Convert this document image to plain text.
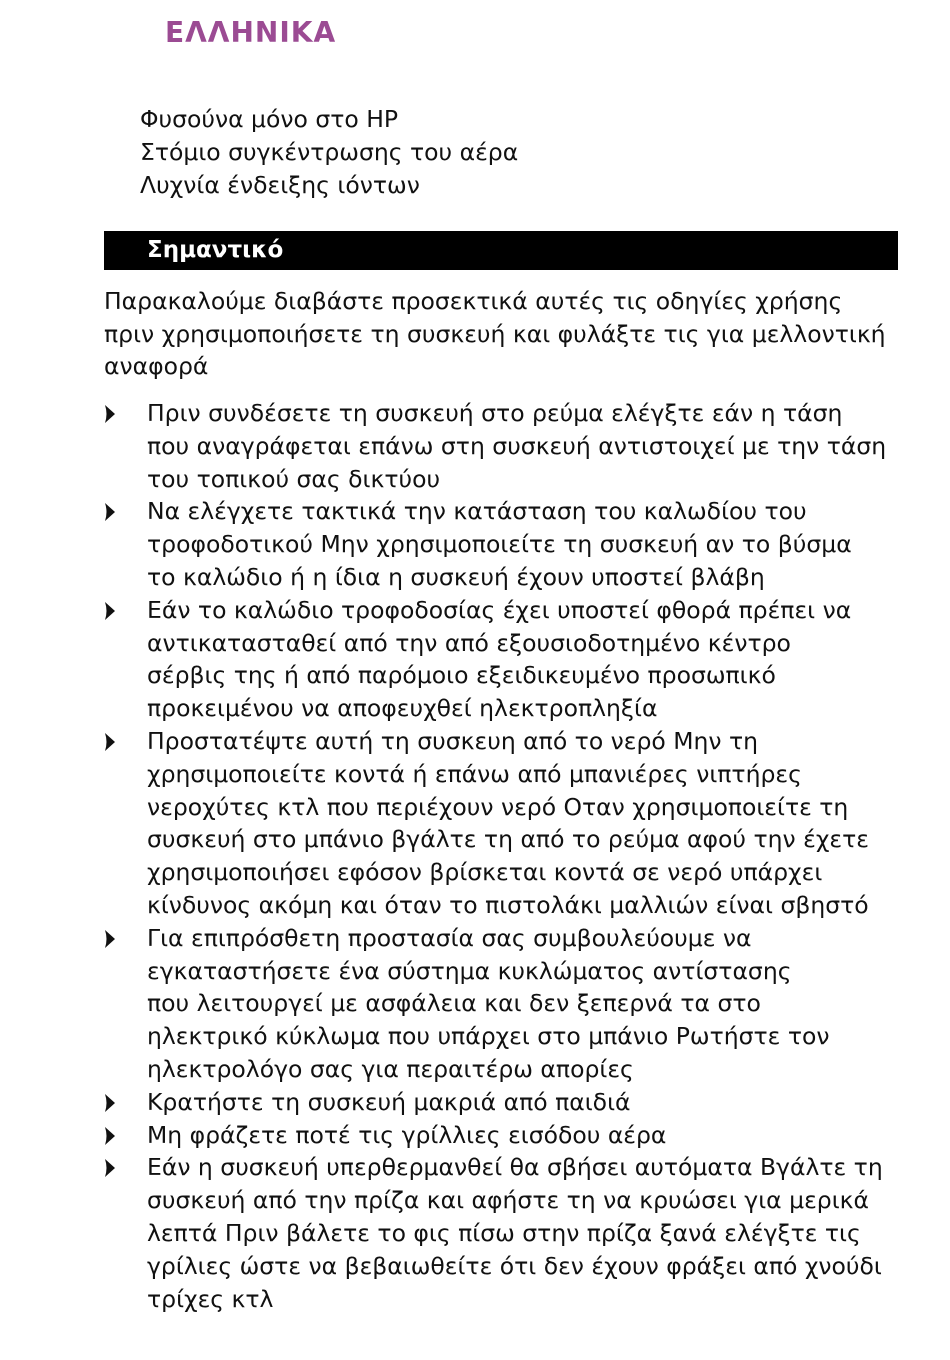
ΕΛΛΗΝΙΚΑ
Φυσούνα μόνο στο HP
Στόμιο συγκέντρωσης του αέρα
Λυχνία ένδειξης ιόντων
Σημαντικό
Παρακαλούμε διαβάστε προσεκτικά αυτές τις οδηγίες χρήσης
πριν χρησιμοποιήσετε τη συσκευή και φυλάξτε τις για μελλοντική
αναφορά
Πριν συνδέσετε τη συσκευή στο ρεύμα ελέγξτε εάν η τάση
που αναγράφεται επάνω στη συσκευή αντιστοιχεί με την τάση
του τοπικού σας δικτύου
Να ελέγχετε τακτικά την κατάσταση του καλωδίου του
τροφοδοτικού Μην χρησιμοποιείτε τη συσκευή αν το βύσμα
το καλώδιο ή η ίδια η συσκευή έχουν υποστεί βλάβη
Εάν το καλώδιο τροφοδοσίας έχει υποστεί φθορά πρέπει να
αντικατασταθεί από την από εξουσιοδοτημένο κέντρο
σέρβις της ή από παρόμοιο εξειδικευμένο προσωπικό
προκειμένου να αποφευχθεί ηλεκτροπληξία
Προστατέψτε αυτή τη συσκευη από το νερό Μην τη
χρησιμοποιείτε κοντά ή επάνω από μπανιέρες νιπτήρες
νεροχύτες κτλ που περιέχουν νερό Οταν χρησιμοποιείτε τη
συσκευή στο μπάνιο βγάλτε τη από το ρεύμα αφού την έχετε
χρησιμοποιήσει εφόσον βρίσκεται κοντά σε νερό υπάρχει
κίνδυνος ακόμη και όταν το πιστολάκι μαλλιών είναι σβηστό
Για επιπρόσθετη προστασία σας συμβουλεύουμε να
εγκαταστήσετε ένα σύστημα κυκλώματος αντίστασης
που λειτουργεί με ασφάλεια και δεν ξεπερνά τα στο
ηλεκτρικό κύκλωμα που υπάρχει στο μπάνιο Ρωτήστε τον
ηλεκτρολόγο σας για περαιτέρω απορίες
Κρατήστε τη συσκευή μακριά από παιδιά
Μη φράζετε ποτέ τις γρίλλιες εισόδου αέρα
Εάν η συσκευή υπερθερμανθεί θα σβήσει αυτόματα Βγάλτε τη
συσκευή από την πρίζα και αφήστε τη να κρυώσει για μερικά
λεπτά Πριν βάλετε το φις πίσω στην πρίζα ξανά ελέγξτε τις
γρίλιες ώστε να βεβαιωθείτε ότι δεν έχουν φράξει από χνούδι
τρίχες κτλ
